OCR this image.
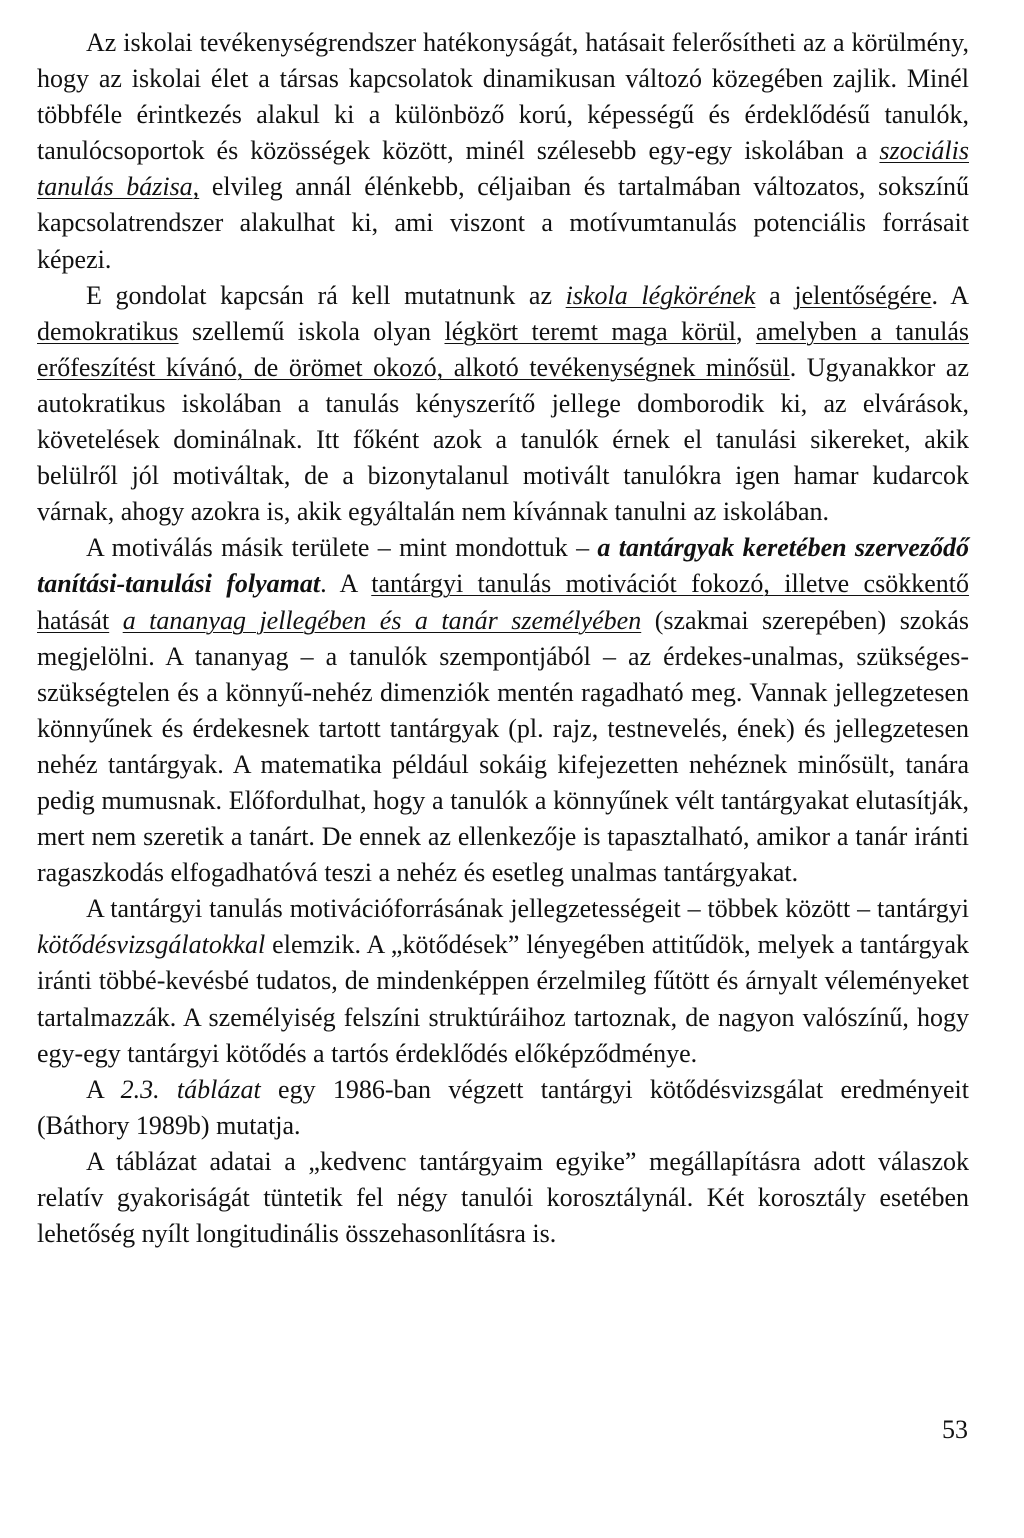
Az iskolai tevékenységrendszer hatékonyságát, hatásait felerősítheti az a körülmény, hogy az iskolai élet a társas kapcsolatok dinamikusan változó közegében zajlik. Minél többféle érintkezés alakul ki a különböző korú, képességű és érdeklődésű tanulók, tanulócsoportok és közösségek között, minél szélesebb egy-egy iskolában a szociális tanulás bázisa, elvileg annál élénkebb, céljaiban és tartalmában változatos, sokszínű kapcsolatrendszer alakulhat ki, ami viszont a motívumtanulás potenciális forrásait képezi.

E gondolat kapcsán rá kell mutatnunk az iskola légkörének a jelentőségére. A demokratikus szellemű iskola olyan légkört teremt maga körül, amelyben a tanulás erőfeszítést kívánó, de örömet okozó, alkotó tevékenységnek minősül. Ugyanakkor az autokratikus iskolában a tanulás kényszerítő jellege domborodik ki, az elvárások, követelések dominálnak. Itt főként azok a tanulók érnek el tanulási sikereket, akik belülről jól motiváltak, de a bizonytalanul motivált tanulókra igen hamar kudarcok várnak, ahogy azokra is, akik egyáltalán nem kívánnak tanulni az iskolában.

A motiválás másik területe – mint mondottuk – a tantárgyak keretében szerveződő tanítási-tanulási folyamat. A tantárgyi tanulás motivációt fokozó, illetve csökkentő hatását a tananyag jellegében és a tanár személyében (szakmai szerepében) szokás megjelölni. A tananyag – a tanulók szempontjából – az érdekes-unalmas, szükséges-szükségtelen és a könnyű-nehéz dimenziók mentén ragadható meg. Vannak jellegzetesen könnyűnek és érdekesnek tartott tantárgyak (pl. rajz, testnevelés, ének) és jellegzetesen nehéz tantárgyak. A matematika például sokáig kifejezetten nehéznek minősült, tanára pedig mumusnak. Előfordulhat, hogy a tanulók a könnyűnek vélt tantárgyakat elutasítják, mert nem szeretik a tanárt. De ennek az ellenkezője is tapasztalható, amikor a tanár iránti ragaszkodás elfogadhatóvá teszi a nehéz és esetleg unalmas tantárgyakat.

A tantárgyi tanulás motivációforrásának jellegzetességeit – többek között – tantárgyi kötődésvizsgálatokkal elemzik. A „kötődések” lényegében attitűdök, melyek a tantárgyak iránti többé-kevésbé tudatos, de mindenképpen érzelmileg fűtött és árnyalt véleményeket tartalmazzák. A személyiség felszíni struktúráihoz tartoznak, de nagyon valószínű, hogy egy-egy tantárgyi kötődés a tartós érdeklődés előképződménye.

A 2.3. táblázat egy 1986-ban végzett tantárgyi kötődésvizsgálat eredményeit (Báthory 1989b) mutatja.

A táblázat adatai a „kedvenc tantárgyaim egyike” megállapításra adott válaszok relatív gyakoriságát tüntetik fel négy tanulói korosztálynál. Két korosztály esetében lehetőség nyílt longitudinális összehasonlításra is.

53
